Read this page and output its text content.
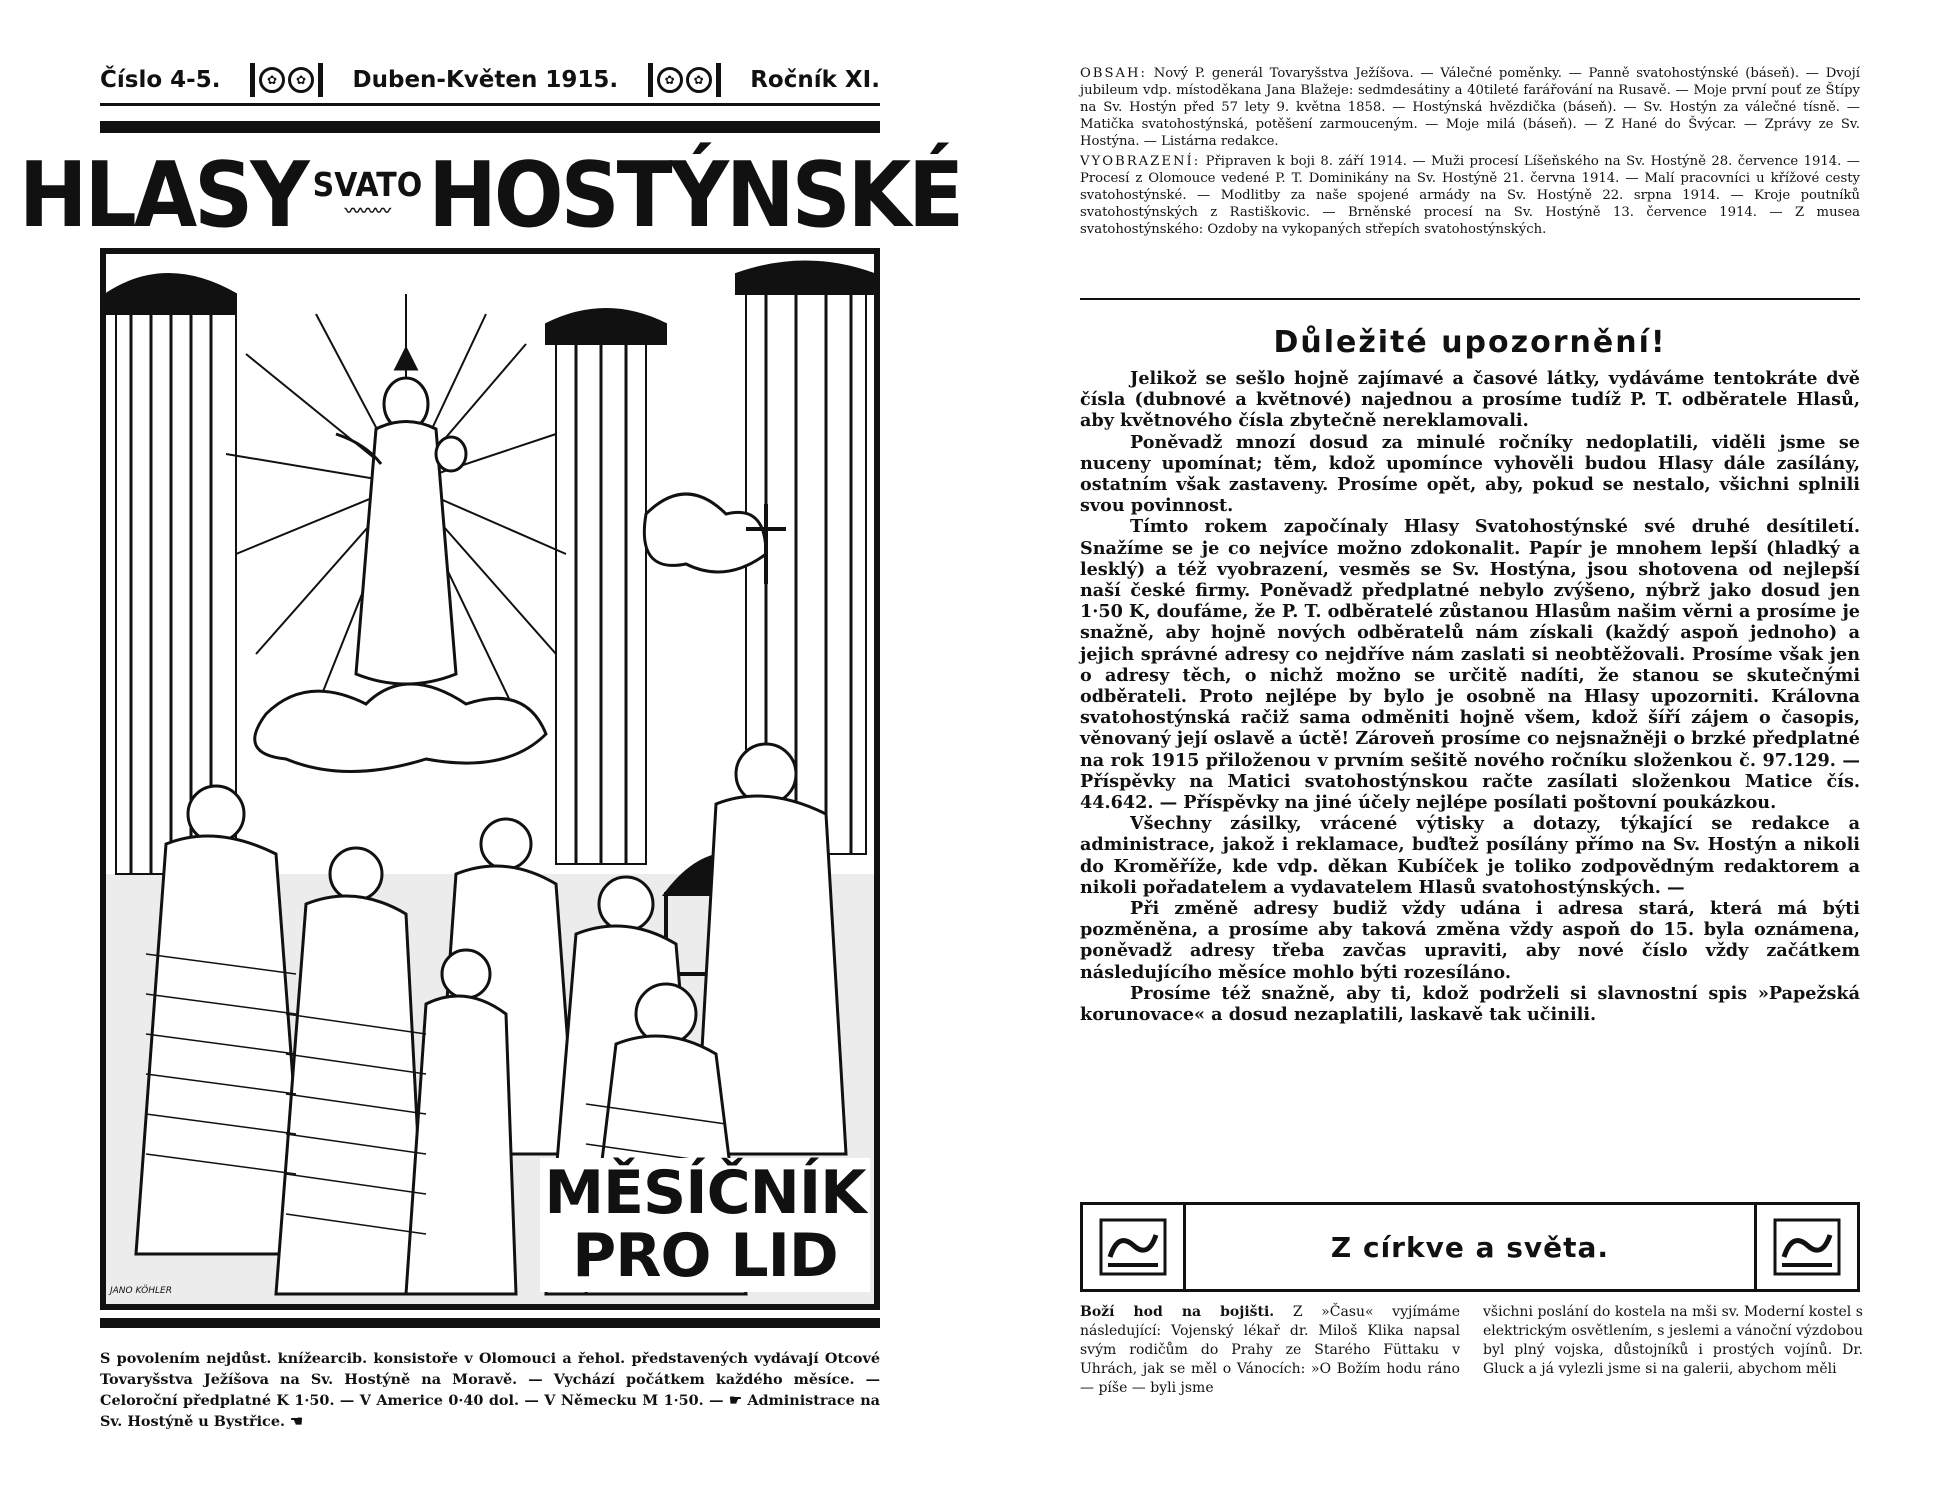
Číslo 4-5.	✿	✿	Duben-Květen 1915.	✿	✿	Ročník XI.
HLASY SVATO
〰〰〰 HOSTÝNSKÉ
MĚSÍČNÍK
PRO LID
JANO KÖHLER
S povolením nejdůst. knížearcib. konsistoře v Olomouci a řehol. představených vydávají Otcové Tovaryšstva Ježíšova na Sv. Hostýně na Moravě. — Vychází počátkem každého měsíce. — Celoroční předplatné K 1·50. — V Americe 0·40 dol. — V Německu M 1·50. — ☛ Administrace na Sv. Hostýně u Bystřice. ☚

OBSAH: Nový P. generál Tovaryšstva Ježíšova. — Válečné poměnky. — Panně svatohostýnské (báseň). — Dvojí jubileum vdp. místoděkana Jana Blažeje: sedmdesátiny a 40tileté farářování na Rusavě. — Moje první pouť ze Štípy na Sv. Hostýn před 57 lety 9. května 1858. — Hostýnská hvězdička (báseň). — Sv. Hostýn za válečné tísně. — Matička svatohostýnská, potěšení zarmouceným. — Moje milá (báseň). — Z Hané do Švýcar. — Zprávy ze Sv. Hostýna. — Listárna redakce.

VYOBRAZENÍ: Připraven k boji 8. září 1914. — Muži procesí Líšeňského na Sv. Hostýně 28. července 1914. — Procesí z Olomouce vedené P. T. Dominikány na Sv. Hostýně 21. června 1914. — Malí pracovníci u křížové cesty svatohostýnské. — Modlitby za naše spojené armády na Sv. Hostýně 22. srpna 1914. — Kroje poutníků svatohostýnských z Rastiškovic. — Brněnské procesí na Sv. Hostýně 13. července 1914. — Z musea svatohostýnského: Ozdoby na vykopaných střepích svatohostýnských.

Důležité upozornění!

Jelikož se sešlo hojně zajímavé a časové látky, vydáváme tentokráte dvě čísla (dubnové a květnové) najednou a prosíme tudíž P. T. odběratele Hlasů, aby květnového čísla zbytečně nereklamovali.

Poněvadž mnozí dosud za minulé ročníky nedoplatili, viděli jsme se nuceny upomínat; těm, kdož upomínce vyhověli budou Hlasy dále zasílány, ostatním však zastaveny. Prosíme opět, aby, pokud se nestalo, všichni splnili svou povinnost.

Tímto rokem započínaly Hlasy Svatohostýnské své druhé desítiletí. Snažíme se je co nejvíce možno zdokonalit. Papír je mnohem lepší (hladký a lesklý) a též vyobrazení, vesměs se Sv. Hostýna, jsou shotovena od nejlepší naší české firmy. Poněvadž předplatné nebylo zvýšeno, nýbrž jako dosud jen 1·50 K, doufáme, že P. T. odběratelé zůstanou Hlasům našim věrni a prosíme je snažně, aby hojně nových odběratelů nám získali (každý aspoň jednoho) a jejich správné adresy co nejdříve nám zaslati si neobtěžovali. Prosíme však jen o adresy těch, o nichž možno se určitě nadíti, že stanou se skutečnými odběrateli. Proto nejlépe by bylo je osobně na Hlasy upozorniti. Královna svatohostýnská račiž sama odměniti hojně všem, kdož šíří zájem o časopis, věnovaný její oslavě a úctě! Zároveň prosíme co nejsnažněji o brzké předplatné na rok 1915 přiloženou v prvním sešitě nového ročníku složenkou č. 97.129. — Příspěvky na Matici svatohostýnskou račte zasílati složenkou Matice čís. 44.642. — Příspěvky na jiné účely nejlépe posílati poštovní poukázkou.

Všechny zásilky, vrácené výtisky a dotazy, týkající se redakce a administrace, jakož i reklamace, buďtež posílány přímo na Sv. Hostýn a nikoli do Kroměříže, kde vdp. děkan Kubíček je toliko zodpovědným redaktorem a nikoli pořadatelem a vydavatelem Hlasů svatohostýnských. —

Při změně adresy budiž vždy udána i adresa stará, která má býti pozměněna, a prosíme aby taková změna vždy aspoň do 15. byla oznámena, poněvadž adresy třeba zavčas upraviti, aby nové číslo vždy začátkem následujícího měsíce mohlo býti rozesíláno.

Prosíme též snažně, aby ti, kdož podrželi si slavnostní spis »Papežská korunovace« a dosud nezaplatili, laskavě tak učinili.

Z církve a světa.

Boží hod na bojišti. Z »Času« vyjímáme následující: Vojenský lékař dr. Miloš Klika napsal svým rodičům do Prahy ze Starého Füttaku v Uhrách, jak se měl o Vánocích: »O Božím hodu ráno — píše — byli jsme

všichni poslání do kostela na mši sv. Moderní kostel s elektrickým osvětlením, s jeslemi a vánoční výzdobou byl plný vojska, důstojníků i prostých vojínů. Dr. Gluck a já vylezli jsme si na galerii, abychom měli
